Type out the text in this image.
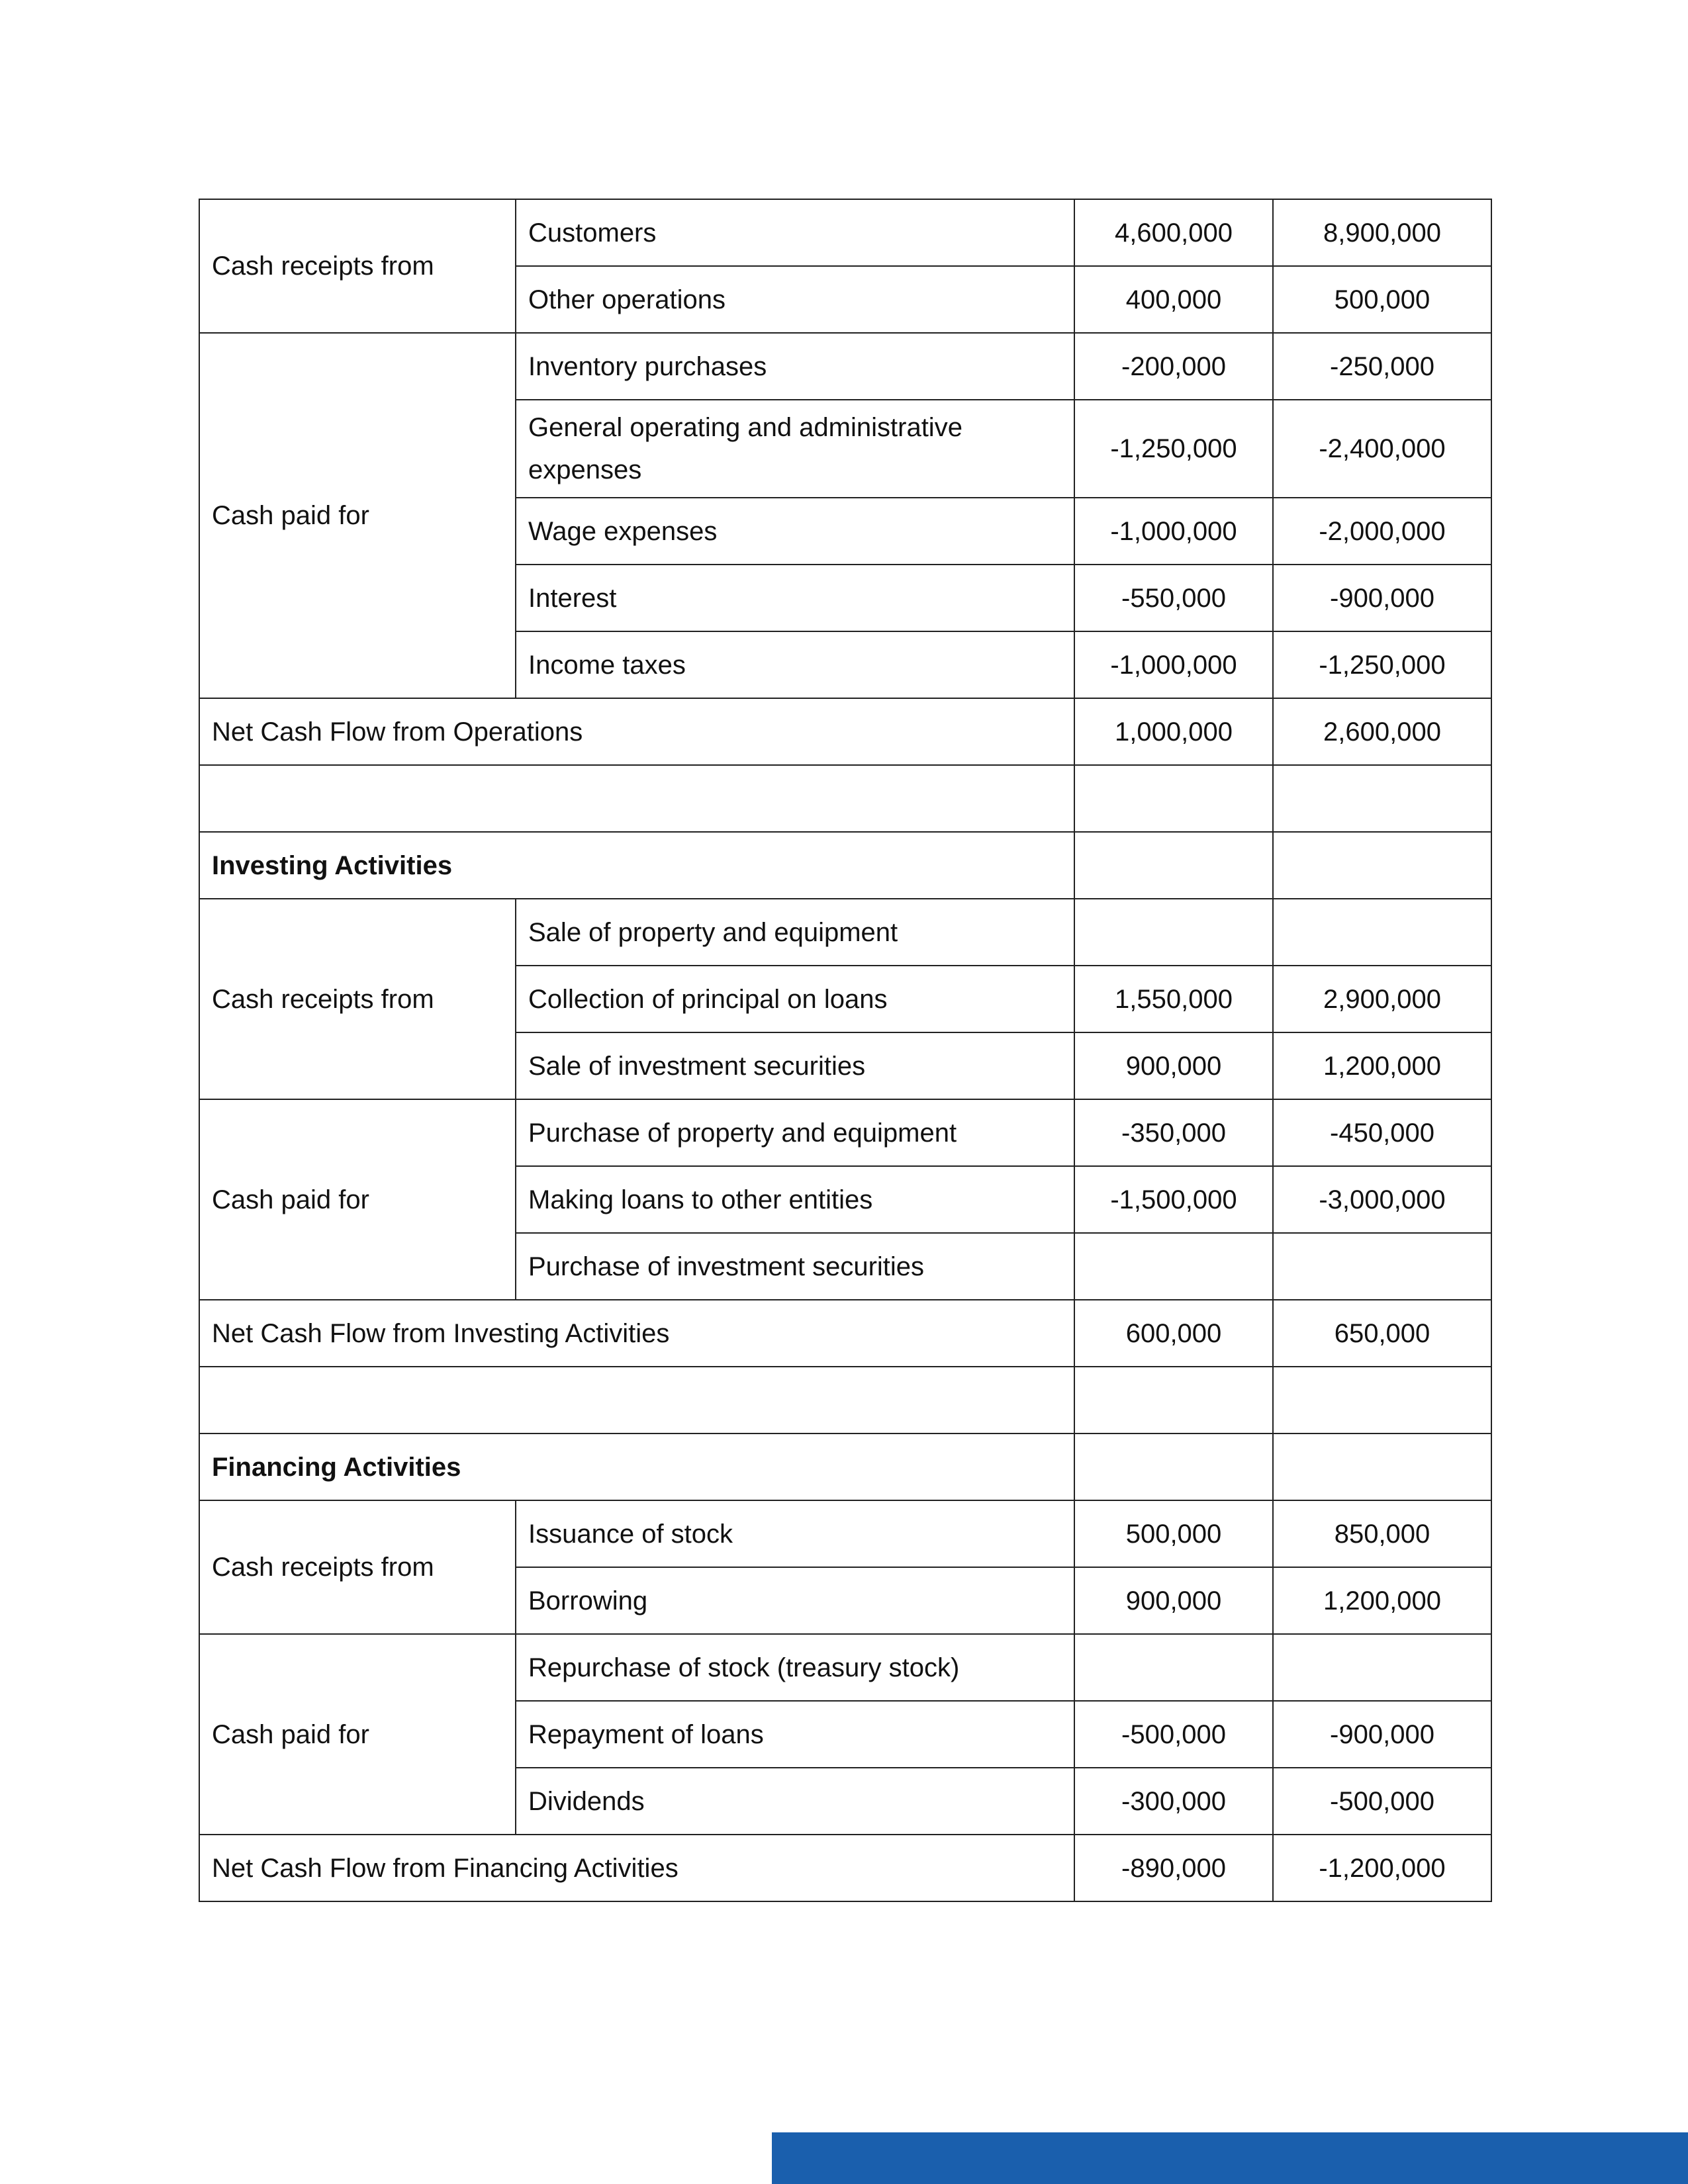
Cash receipts from	Customers	4,600,000	8,900,000
	Other operations	400,000	500,000
Cash paid for	Inventory purchases	-200,000	-250,000
	General operating and administrative expenses	-1,250,000	-2,400,000
	Wage expenses	-1,000,000	-2,000,000
	Interest	-550,000	-900,000
	Income taxes	-1,000,000	-1,250,000
Net Cash Flow from Operations		1,000,000	2,600,000

Investing Activities			
Cash receipts from	Sale of property and equipment		
	Collection of principal on loans	1,550,000	2,900,000
	Sale of investment securities	900,000	1,200,000
Cash paid for	Purchase of property and equipment	-350,000	-450,000
	Making loans to other entities	-1,500,000	-3,000,000
	Purchase of investment securities		
Net Cash Flow from Investing Activities		600,000	650,000

Financing Activities			
Cash receipts from	Issuance of stock	500,000	850,000
	Borrowing	900,000	1,200,000
Cash paid for	Repurchase of stock (treasury stock)		
	Repayment of loans	-500,000	-900,000
	Dividends	-300,000	-500,000
Net Cash Flow from Financing Activities		-890,000	-1,200,000
